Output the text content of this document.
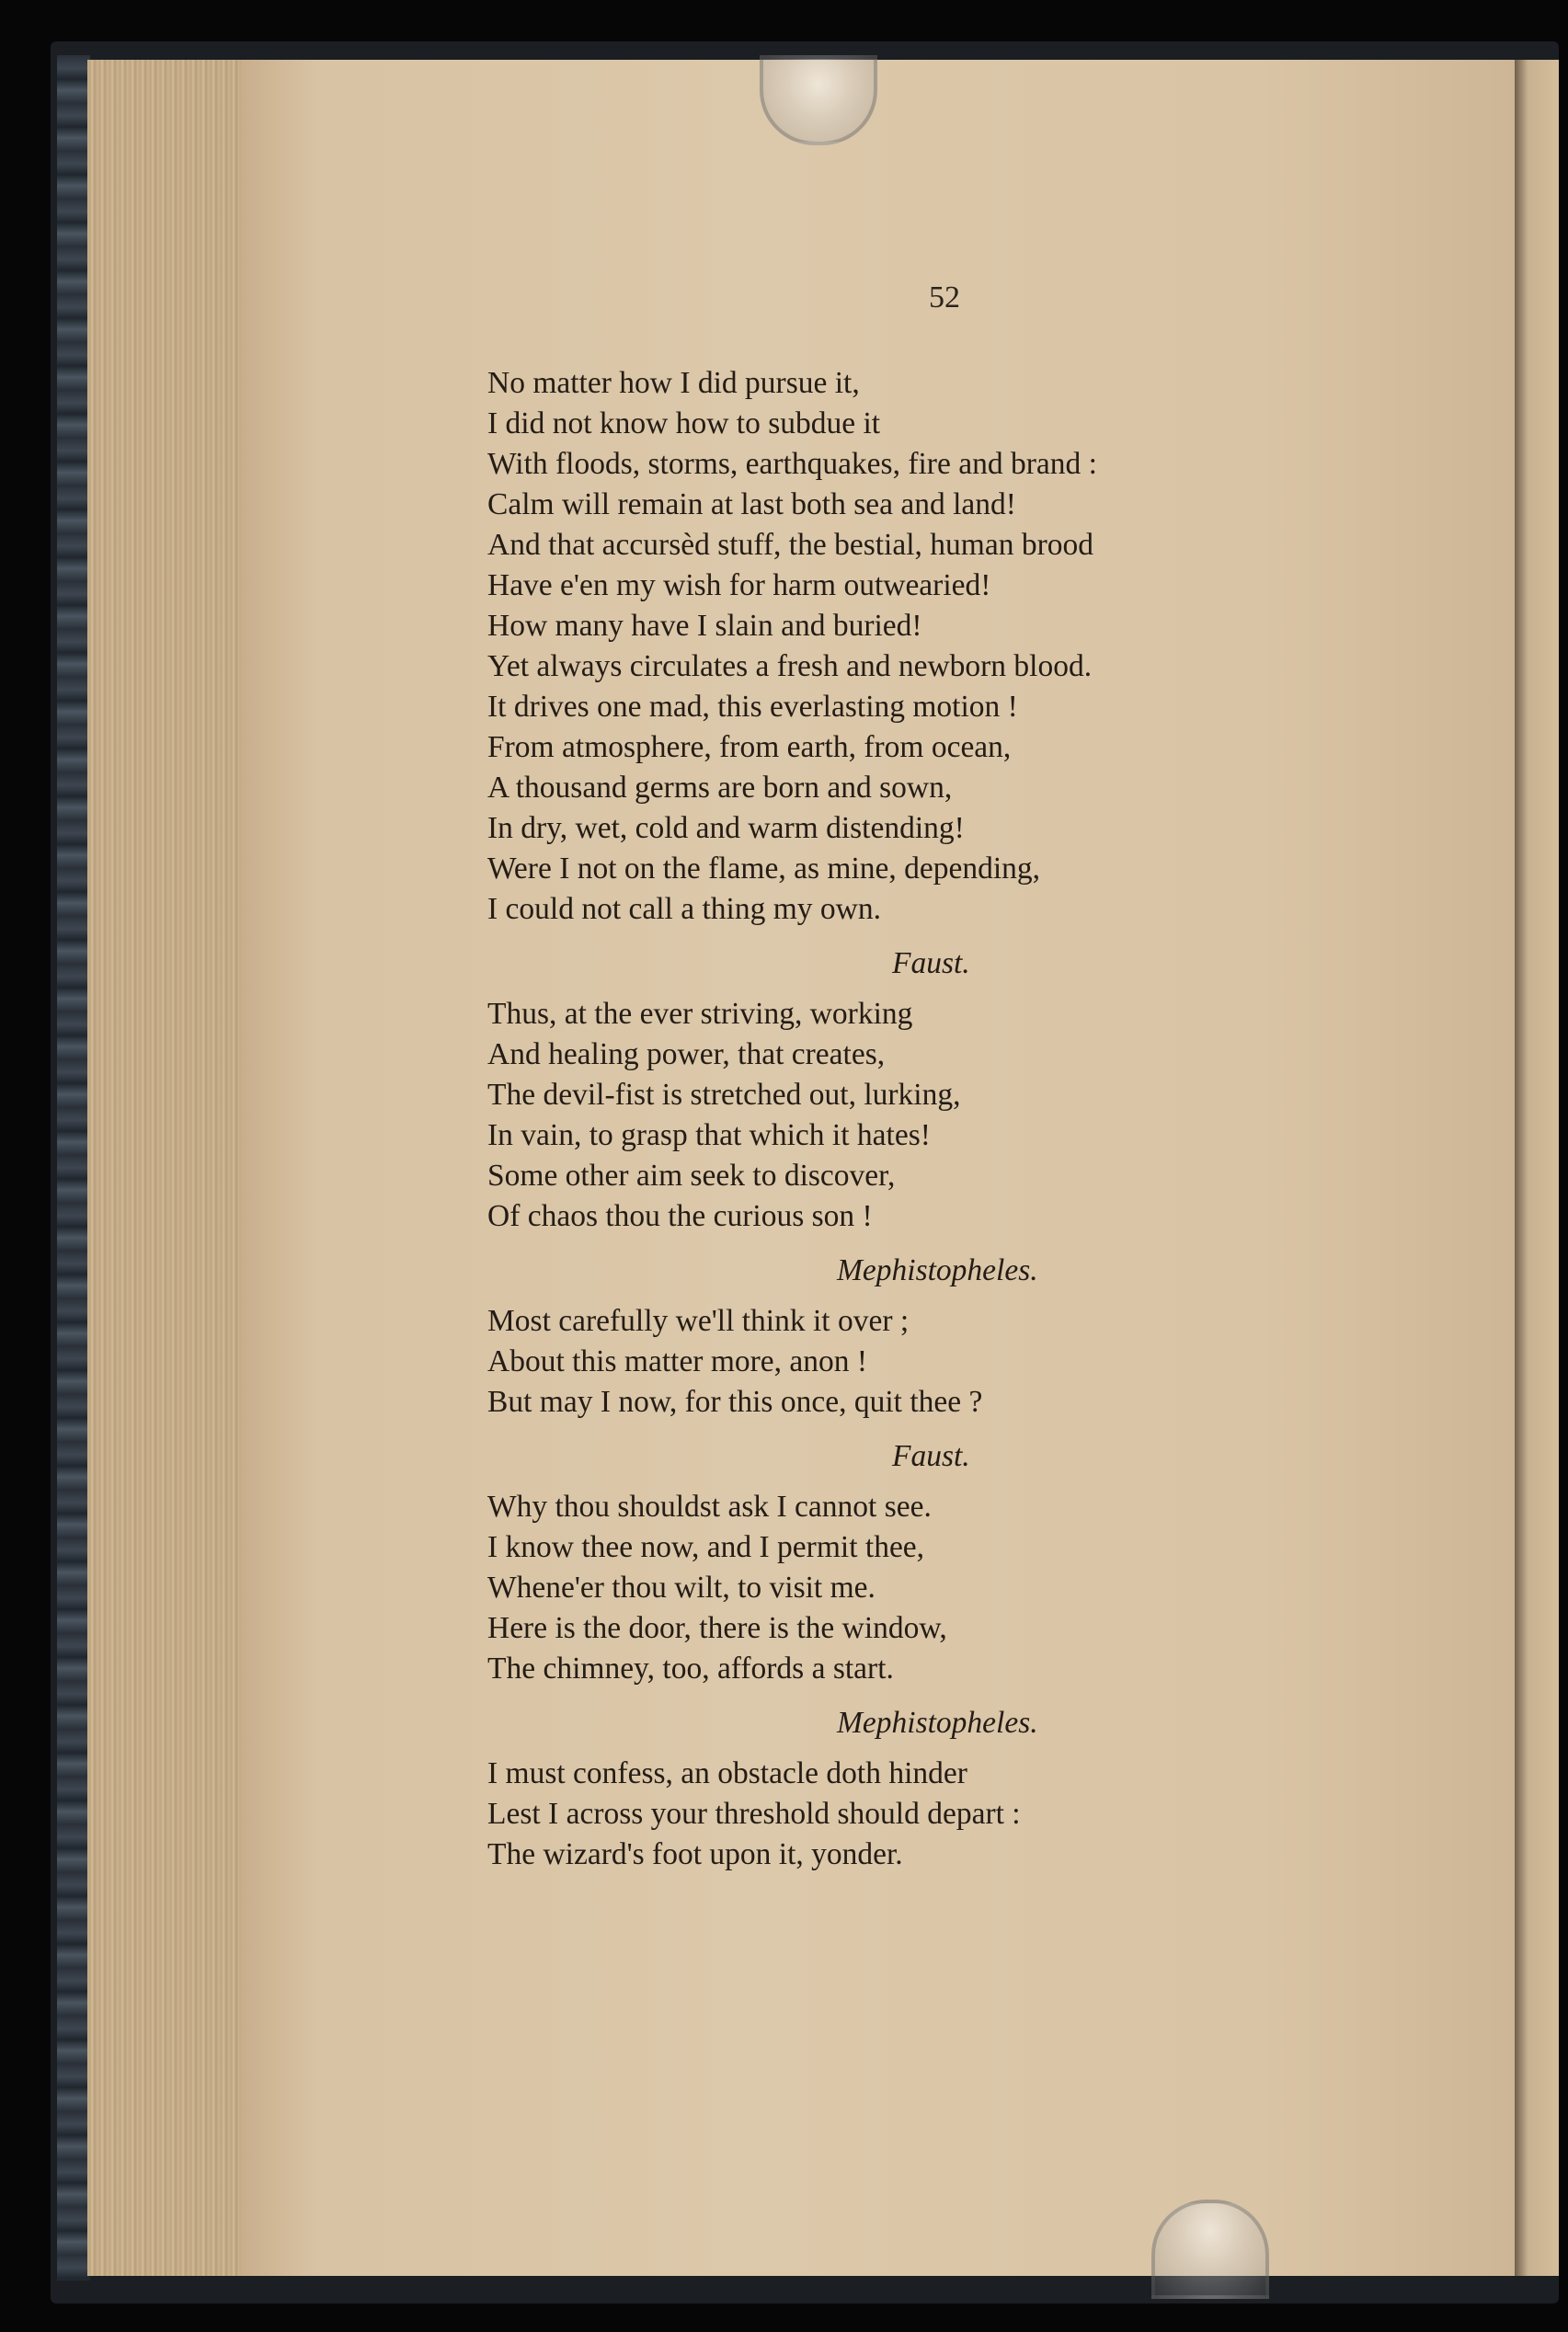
52
No matter how I did pursue it,
I did not know how to subdue it
With floods, storms, earthquakes, fire and brand :
Calm will remain at last both sea and land!
And that accursèd stuff, the bestial, human brood
Have e'en my wish for harm outwearied!
How many have I slain and buried!
Yet always circulates a fresh and newborn blood.
It drives one mad, this everlasting motion !
From atmosphere, from earth, from ocean,
A thousand germs are born and sown,
In dry, wet, cold and warm distending!
Were I not on the flame, as mine, depending,
I could not call a thing my own.
Faust.
Thus, at the ever striving, working
And healing power, that creates,
The devil-fist is stretched out, lurking,
In vain, to grasp that which it hates!
Some other aim seek to discover,
Of chaos thou the curious son !
Mephistopheles.
Most carefully we'll think it over ;
About this matter more, anon !
But may I now, for this once, quit thee ?
Faust.
Why thou shouldst ask I cannot see.
I know thee now, and I permit thee,
Whene'er thou wilt, to visit me.
Here is the door, there is the window,
The chimney, too, affords a start.
Mephistopheles.
I must confess, an obstacle doth hinder
Lest I across your threshold should depart :
The wizard's foot upon it, yonder.
